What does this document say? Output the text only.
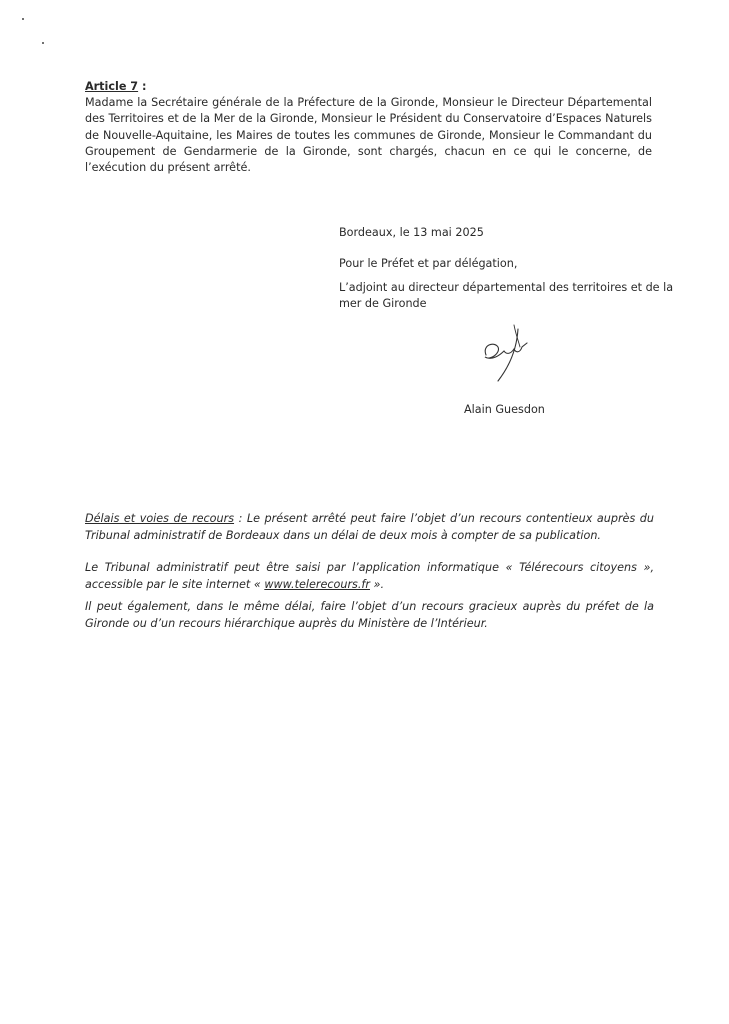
Article 7 :
Madame la Secrétaire générale de la Préfecture de la Gironde, Monsieur le Directeur Départemental des Territoires et de la Mer de la Gironde, Monsieur le Président du Conservatoire d’Espaces Naturels de Nouvelle-Aquitaine, les Maires de toutes les communes de Gironde, Monsieur le Commandant du Groupement de Gendarmerie de la Gironde, sont chargés, chacun en ce qui le concerne, de l’exécution du présent arrêté.
Bordeaux, le 13 mai 2025
Pour le Préfet et par délégation,
L’adjoint au directeur départemental des territoires et de la mer de Gironde
Alain Guesdon
Délais et voies de recours : Le présent arrêté peut faire l’objet d’un recours contentieux auprès du Tribunal administratif de Bordeaux dans un délai de deux mois à compter de sa publication.
Le Tribunal administratif peut être saisi par l’application informatique « Télérecours citoyens », accessible par le site internet « www.telerecours.fr ».
Il peut également, dans le même délai, faire l’objet d’un recours gracieux auprès du préfet de la Gironde ou d’un recours hiérarchique auprès du Ministère de l’Intérieur.
